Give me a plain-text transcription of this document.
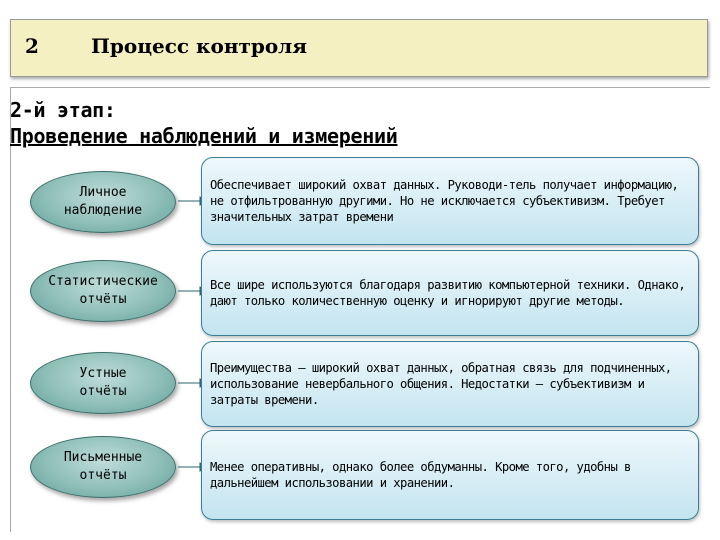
2	Процесс контроля
2-й этап:
Проведение наблюдений и измерений
Личное
наблюдение
Обеспечивает широкий охват данных. Руководи-тель получает информацию, не отфильтрованную другими. Но не исключается субъективизм. Требует значительных затрат времени
Статистические
отчёты
Все шире используются благодаря развитию компьютерной техники. Однако, дают только количественную оценку и игнорируют другие методы.
Устные
отчёты
Преимущества – широкий охват данных, обратная связь для подчиненных, использование невербального общения. Недостатки – субъективизм и затраты времени.
Письменные
отчёты
Менее оперативны, однако более обдуманны. Кроме того, удобны в дальнейшем использовании и хранении.
